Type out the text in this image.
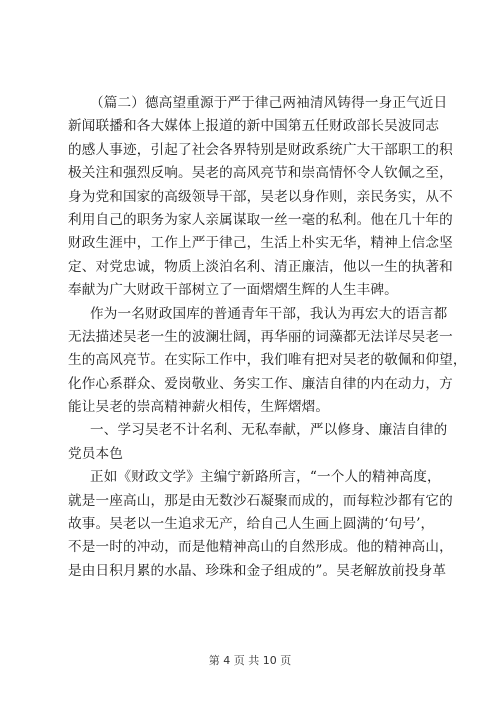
（篇二）德高望重源于严于律己两袖清风铸得一身正气近日
新闻联播和各大媒体上报道的新中国第五任财政部长吴波同志
的感人事迹，引起了社会各界特别是财政系统广大干部职工的积
极关注和强烈反响。吴老的高风亮节和崇高情怀令人钦佩之至，
身为党和国家的高级领导干部，吴老以身作则，亲民务实，从不
利用自己的职务为家人亲属谋取一丝一毫的私利。他在几十年的
财政生涯中，工作上严于律己，生活上朴实无华，精神上信念坚
定、对党忠诚，物质上淡泊名利、清正廉洁，他以一生的执著和
奉献为广大财政干部树立了一面熠熠生辉的人生丰碑。
作为一名财政国库的普通青年干部，我认为再宏大的语言都
无法描述吴老一生的波澜壮阔，再华丽的词藻都无法详尽吴老一
生的高风亮节。在实际工作中，我们唯有把对吴老的敬佩和仰望，
化作心系群众、爱岗敬业、务实工作、廉洁自律的内在动力，方
能让吴老的崇高精神薪火相传，生辉熠熠。
一、学习吴老不计名利、无私奉献，严以修身、廉洁自律的
党员本色
正如《财政文学》主编宁新路所言，“一个人的精神高度，
就是一座高山，那是由无数沙石凝聚而成的，而每粒沙都有它的
故事。吴老以一生追求无产，给自己人生画上圆满的‘句号’，
不是一时的冲动，而是他精神高山的自然形成。他的精神高山，
是由日积月累的水晶、珍珠和金子组成的”。吴老解放前投身革
第 4 页 共 10 页
